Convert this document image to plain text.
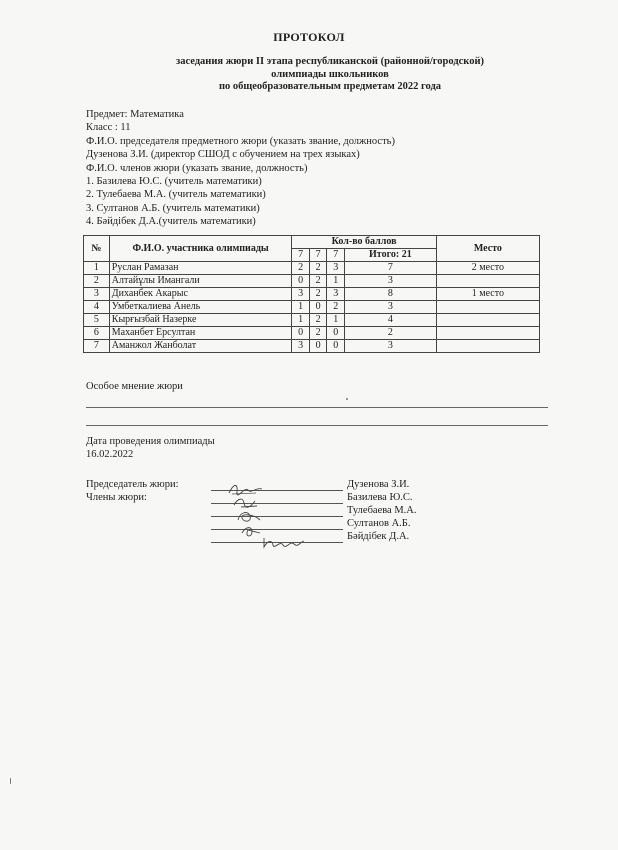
ПРОТОКОЛ
заседания жюри II этапа республиканской (районной/городской)
олимпиады школьников
по общеобразовательным предметам 2022 года
Предмет: Математика
Класс : 11
Ф.И.О. председателя предметного жюри (указать звание, должность)
Дузенова З.И. (директор СШОД с обучением на трех языках)
Ф.И.О. членов жюри (указать звание, должность)
1. Базилева Ю.С. (учитель математики)
2. Тулебаева М.А. (учитель математики)
3. Султанов А.Б. (учитель математики)
4. Бәйдібек Д.А.(учитель математики)
№	Ф.И.О. участника олимпиады	Кол-во баллов				Место
		7	7	7	Итого: 21	
1	Руслан Рамазан	2	2	3	7	2 место
2	Алтайұлы Имангали	0	2	1	3	
3	Диханбек Акарыс	3	2	3	8	1 место
4	Умбеткалиева Анель	1	0	2	3	
5	Кырғызбай Назерке	1	2	1	4	
6	Маханбет Ерсултан	0	2	0	2	
7	Аманжол Жанболат	3	0	0	3	
Особое мнение жюри
Дата проведения олимпиады
16.02.2022
Председатель жюри:
Члены жюри:
Дузенова З.И.
Базилева Ю.С.
Тулебаева М.А.
Султанов А.Б.
Бәйдібек Д.А.
